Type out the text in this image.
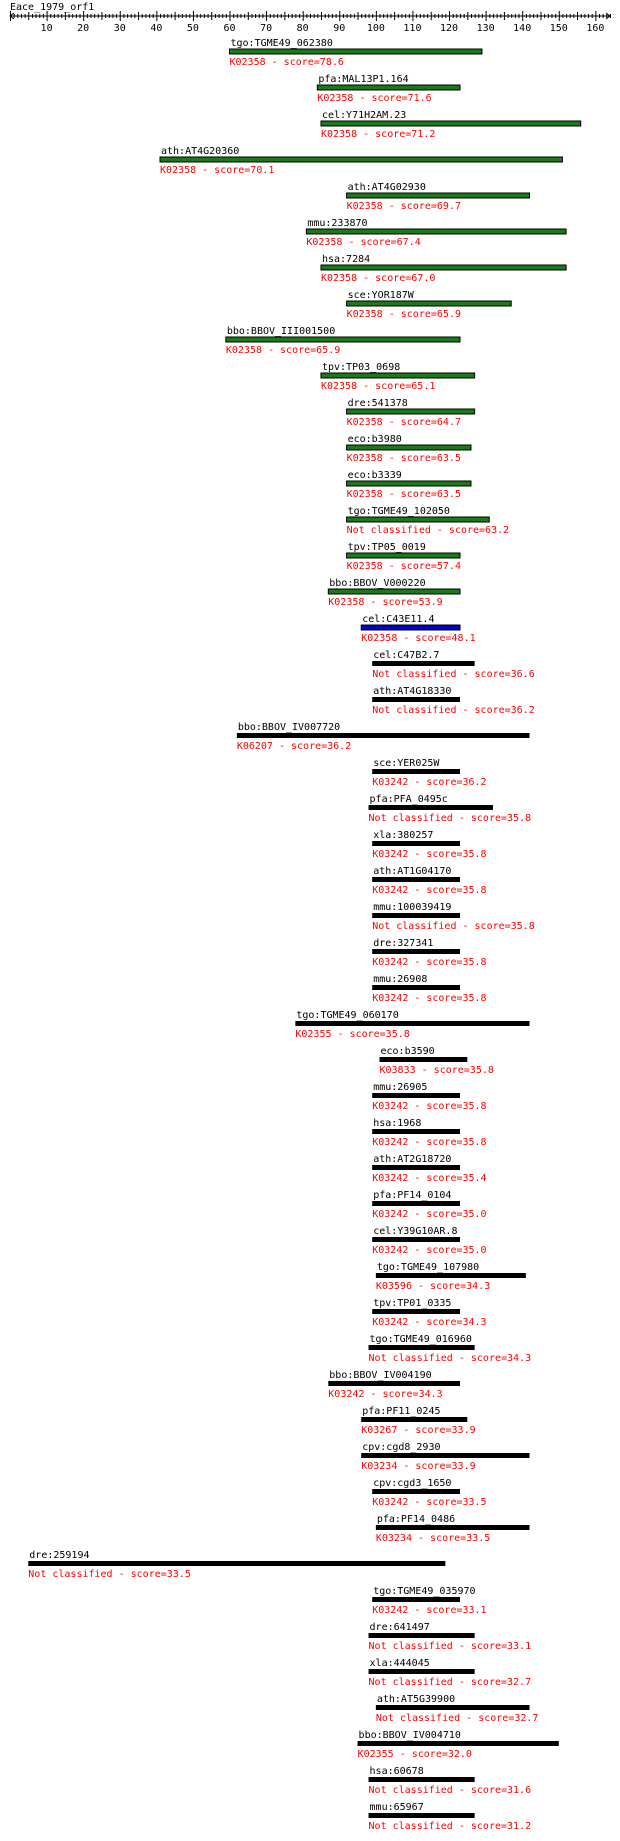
Eace_1979_orf1
10 20 30 40 50 60 70 80 90 100 110 120 130 140 150 160
tgo:TGME49_062380
K02358 - score=78.6
pfa:MAL13P1.164
K02358 - score=71.6
cel:Y71H2AM.23
K02358 - score=71.2
ath:AT4G20360
K02358 - score=70.1
ath:AT4G02930
K02358 - score=69.7
mmu:233870
K02358 - score=67.4
hsa:7284
K02358 - score=67.0
sce:YOR187W
K02358 - score=65.9
bbo:BBOV_III001500
K02358 - score=65.9
tpv:TP03_0698
K02358 - score=65.1
dre:541378
K02358 - score=64.7
eco:b3980
K02358 - score=63.5
eco:b3339
K02358 - score=63.5
tgo:TGME49_102050
Not classified - score=63.2
tpv:TP05_0019
K02358 - score=57.4
bbo:BBOV_V000220
K02358 - score=53.9
cel:C43E11.4
K02358 - score=48.1
cel:C47B2.7
Not classified - score=36.6
ath:AT4G18330
Not classified - score=36.2
bbo:BBOV_IV007720
K06207 - score=36.2
sce:YER025W
K03242 - score=36.2
pfa:PFA_0495c
Not classified - score=35.8
xla:380257
K03242 - score=35.8
ath:AT1G04170
K03242 - score=35.8
mmu:100039419
Not classified - score=35.8
dre:327341
K03242 - score=35.8
mmu:26908
K03242 - score=35.8
tgo:TGME49_060170
K02355 - score=35.8
eco:b3590
K03833 - score=35.8
mmu:26905
K03242 - score=35.8
hsa:1968
K03242 - score=35.8
ath:AT2G18720
K03242 - score=35.4
pfa:PF14_0104
K03242 - score=35.0
cel:Y39G10AR.8
K03242 - score=35.0
tgo:TGME49_107980
K03596 - score=34.3
tpv:TP01_0335
K03242 - score=34.3
tgo:TGME49_016960
Not classified - score=34.3
bbo:BBOV_IV004190
K03242 - score=34.3
pfa:PF11_0245
K03267 - score=33.9
cpv:cgd8_2930
K03234 - score=33.9
cpv:cgd3_1650
K03242 - score=33.5
pfa:PF14_0486
K03234 - score=33.5
dre:259194
Not classified - score=33.5
tgo:TGME49_035970
K03242 - score=33.1
dre:641497
Not classified - score=33.1
xla:444045
Not classified - score=32.7
ath:AT5G39900
Not classified - score=32.7
bbo:BBOV_IV004710
K02355 - score=32.0
hsa:60678
Not classified - score=31.6
mmu:65967
Not classified - score=31.2
